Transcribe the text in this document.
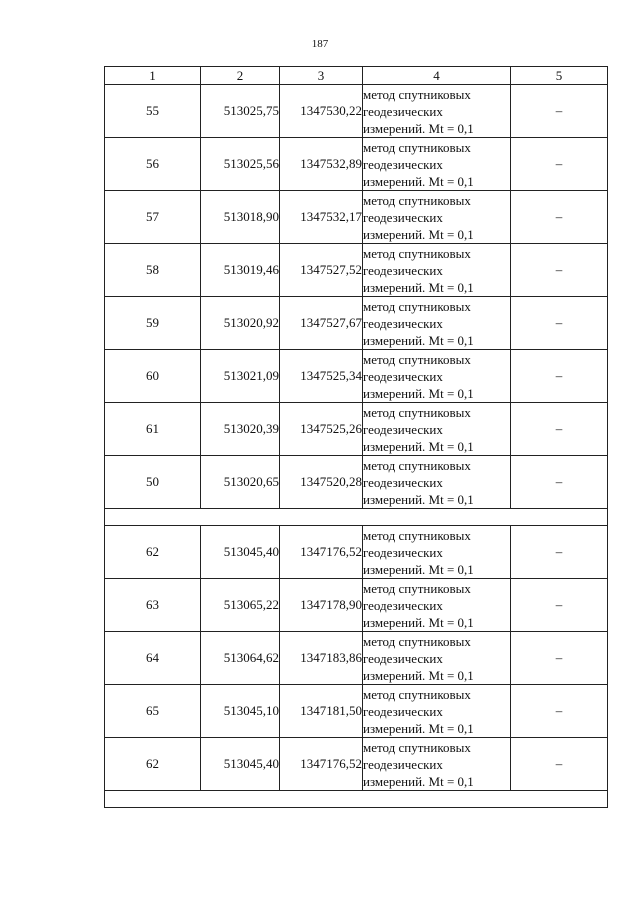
187
1	2	3	4	5
55	513025,75	1347530,22	метод спутниковых
геодезических
измерений. Mt = 0,1	–
56	513025,56	1347532,89	метод спутниковых
геодезических
измерений. Mt = 0,1	–
57	513018,90	1347532,17	метод спутниковых
геодезических
измерений. Mt = 0,1	–
58	513019,46	1347527,52	метод спутниковых
геодезических
измерений. Mt = 0,1	–
59	513020,92	1347527,67	метод спутниковых
геодезических
измерений. Mt = 0,1	–
60	513021,09	1347525,34	метод спутниковых
геодезических
измерений. Mt = 0,1	–
61	513020,39	1347525,26	метод спутниковых
геодезических
измерений. Mt = 0,1	–
50	513020,65	1347520,28	метод спутниковых
геодезических
измерений. Mt = 0,1	–

62	513045,40	1347176,52	метод спутниковых
геодезических
измерений. Mt = 0,1	–
63	513065,22	1347178,90	метод спутниковых
геодезических
измерений. Mt = 0,1	–
64	513064,62	1347183,86	метод спутниковых
геодезических
измерений. Mt = 0,1	–
65	513045,10	1347181,50	метод спутниковых
геодезических
измерений. Mt = 0,1	–
62	513045,40	1347176,52	метод спутниковых
геодезических
измерений. Mt = 0,1	–
